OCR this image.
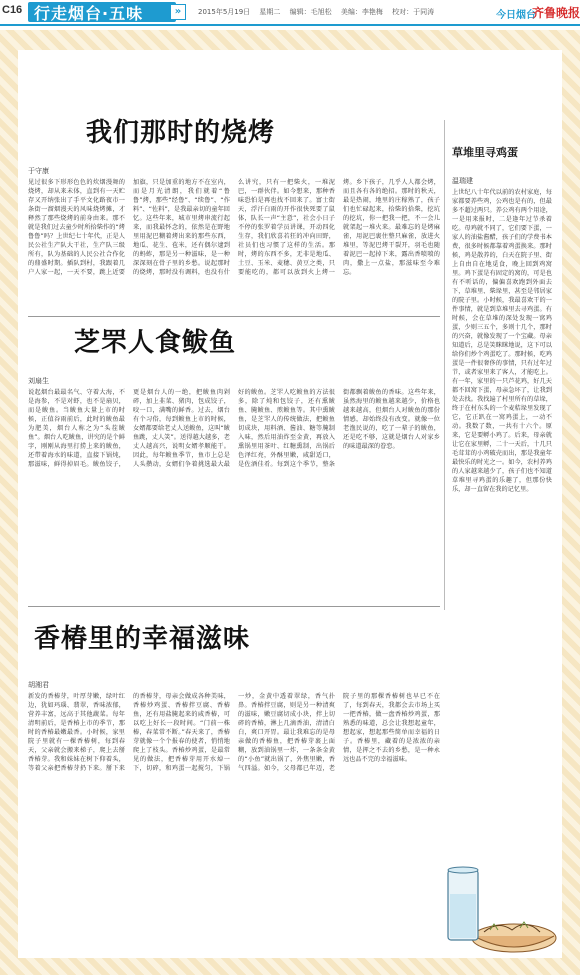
C16 行走烟台·五味	»	2015年5月19日 星期二 编辑：毛旭松 美编：李艳梅 校对：于同涛	今日烟台
齐鲁晚报
我们那时的烧烤
于守康
见过很多下形形色色的炊烟漫舞的烧烤，却从来未体，直到有一天贮存又开纳张出了手平文化路夜市一条街一溜烟漫天的风味烧烤摊，才释然了那些烧烤的前身由来。那不就是我们过去童少时所拾柴作的“烤鲁鲁”吗？上世纪七十年代，正是人民公社生产队大干社，生产队三级所有，队为基础的人民公社合作化的鼎盛时期。插队到村，我跟着几户人家一起，一天不要，跳上近要加旗，只是加重的地方不在室内，而是月光清朗，我们就着“鲁鲁”烤，那些“经鲁”、“续鲁”、“作料”、“佐料”，是我最亲切的童年回忆。这些年来，城市里烤串流行起来，而我最怀念的，依然是在野地里用泥巴糊着烤出来的那些东西，地瓜、花生、苞米，还有偶尔逮到的蚂蚱，那是另一种滋味，是一种深深刻在骨子里的乡愁。说起那时的烧烤，那时没有调料，也没有什么讲究，只有一把柴火，一堆泥巴，一群伙伴。如今想来，那种香味恐怕是再也找不回来了。富士街天，浮汗白雨的开作很快死要了鼠体，队长一声“主意”，社会小日子不停的张罗着学员讲课，开动四化生存，我们欣喜若狂的冲向田野，社员们也习惯了这样的生活。那时，烤的东西不多，无非是地瓜、土豆、玉米、麦穗、黄豆之类，只要能吃的，都可以放到火上烤一烤。乡下孩子，几乎人人都会烤，而且各有各的绝招。那时的秋天，最是热闹，地里的庄稼熟了，孩子们也忙碌起来，拾柴的拾柴，挖坑的挖坑，你一把我一把，不一会儿就架起一堆火来。最难忘的是烤麻雀，用泥巴裹住整只麻雀，放进火堆里，等泥巴烤干裂开，羽毛也随着泥巴一起掉下来，露出香喷喷的肉，撒上一点盐，那滋味至今难忘。
草堆里寻鸡蛋
温瑞建
上世纪八十年代以前的农村家庭，每家都要养些鸡，公鸡也是有的，但最多不超过两只。养公鸡有两个用途，一是用来报时，二是逢年过节杀着吃。母鸡就不同了，它们要下蛋，一家人的油盐酱醋，孩子们的学费书本费，很多时候都靠着鸡蛋换来。那时候，鸡是散养的，白天在院子里、街上自由自在地觅食，晚上回到鸡窝里。鸡下蛋是有固定的窝的，可是也有不听话的，偏偏喜欢跑到外面去下，草堆里、柴垛里，甚至是邻居家的院子里。小时候，我最喜欢干的一件事情，就是到草堆里去寻鸡蛋。有时候，会在草堆的深处发现一窝鸡蛋，少则三五个，多则十几个，那时的兴奋，就像发现了一个宝藏。母亲知道后，总是笑眯眯地说，这下可以给你们炒个鸡蛋吃了。那时候，吃鸡蛋是一件很奢侈的事情，只有过年过节，或者家里来了客人，才能吃上。有一年，家里的一只芦花鸡，好几天都不回窝下蛋，母亲急坏了，让我到处去找。我找遍了村里所有的草垛，终于在村东头的一个麦秸垛里发现了它，它正趴在一窝鸡蛋上，一动不动。我数了数，一共有十六个。原来，它是要孵小鸡了。后来，母亲就让它在家里孵，二十一天后，十几只毛茸茸的小鸡破壳而出，那是我童年最快乐的时光之一。如今，农村养鸡的人家越来越少了，孩子们也不知道草堆里寻鸡蛋的乐趣了，但那份快乐，却一直留在我的记忆里。
芝罘人食鲅鱼
刘扇生
说起烟台最最名气、守着大海，不是海参，不是对虾，也不是扇贝，而是鲅鱼。当鲅鱼大量上市的时候，正值谷雨前后，此时的鲅鱼最为肥美，烟台人称之为“头茬鲅鱼”。烟台人吃鲅鱼，讲究的是个鲜字，刚刚从海里打捞上来的鲅鱼，还带着海水的味道，直接下锅炖，那滋味，鲜得掉眉毛。鲅鱼饺子，更是烟台人的一绝，把鲅鱼肉剁碎，加上韭菜、猪肉，包成饺子，咬一口，满嘴的鲜香。过去，烟台有个习俗，每到鲅鱼上市的时候，女婿都要给老丈人送鲅鱼，这叫“鲅鱼跳，丈人笑”。送得越大越多，老丈人越高兴，说明女婿孝顺能干。因此，每年鲅鱼季节，鱼市上总是人头攒动，女婿们争着挑选最大最好的鲅鱼。芝罘人吃鲅鱼的方法很多，除了炖和包饺子，还有熏鲅鱼、腌鲅鱼、煎鲅鱼等。其中熏鲅鱼，是芝罘人的传统做法，把鲅鱼切成块，用料酒、酱油、糖等腌制入味，然后用油炸至金黄，再放入熏锅里用茶叶、红糖熏制，出锅后色泽红亮，外酥里嫩，咸甜适口，是佐酒佳肴。每到这个季节，整条街都飘着鲅鱼的香味。这些年来，虽然海里的鲅鱼越来越少，价格也越来越高，但烟台人对鲅鱼的那份情感，却始终没有改变。就像一位老渔民说的，吃了一辈子的鲅鱼，还是吃不够，这就是烟台人对家乡的味道最深的眷恋。
香椿里的幸福滋味
胡湘君
新发的香椿芽，叶厚芽嫩，绿叶红边，犹如玛瑙、翡翠，香味浓郁，营养丰富，远高于其他蔬菜。每年清明前后，是香椿上市的季节，那时的香椿最嫩最香。小时候，家里院子里就有一棵香椿树，每到春天，父亲就会搬来梯子，爬上去掰香椿芽。我和妹妹在树下仰着头，等着父亲把香椿芽扔下来。掰下来的香椿芽，母亲会做成各种美味，香椿炒鸡蛋、香椿拌豆腐、香椿鱼，还有用盐腌起来的咸香椿，可以吃上好长一段时间。“门前一株椿，春菜常不断。”春天来了，香椿芽就像一个个报春的使者，悄悄地爬上了枝头。香椿炒鸡蛋，是最常见的做法，把香椿芽用开水焯一下，切碎，和鸡蛋一起搅匀，下锅一炒，金黄中透着翠绿，香气扑鼻。香椿拌豆腐，则是另一种清爽的滋味，嫩豆腐切成小块，拌上切碎的香椿，淋上几滴香油，清清白白，爽口开胃。最让我难忘的是母亲做的香椿鱼，把香椿芽裹上面糊，放到油锅里一炸，一条条金黄的“小鱼”就出锅了，外焦里嫩，香气四溢。如今，父母都已年迈，老院子里的那棵香椿树也早已不在了，每到春天，我都会去市场上买一把香椿，做一盘香椿炒鸡蛋，那熟悉的味道，总会让我想起童年，想起家，想起那些简单而幸福的日子。香椿里，藏着的是浓浓的亲情，是挥之不去的乡愁，是一种永远也品不完的幸福滋味。
